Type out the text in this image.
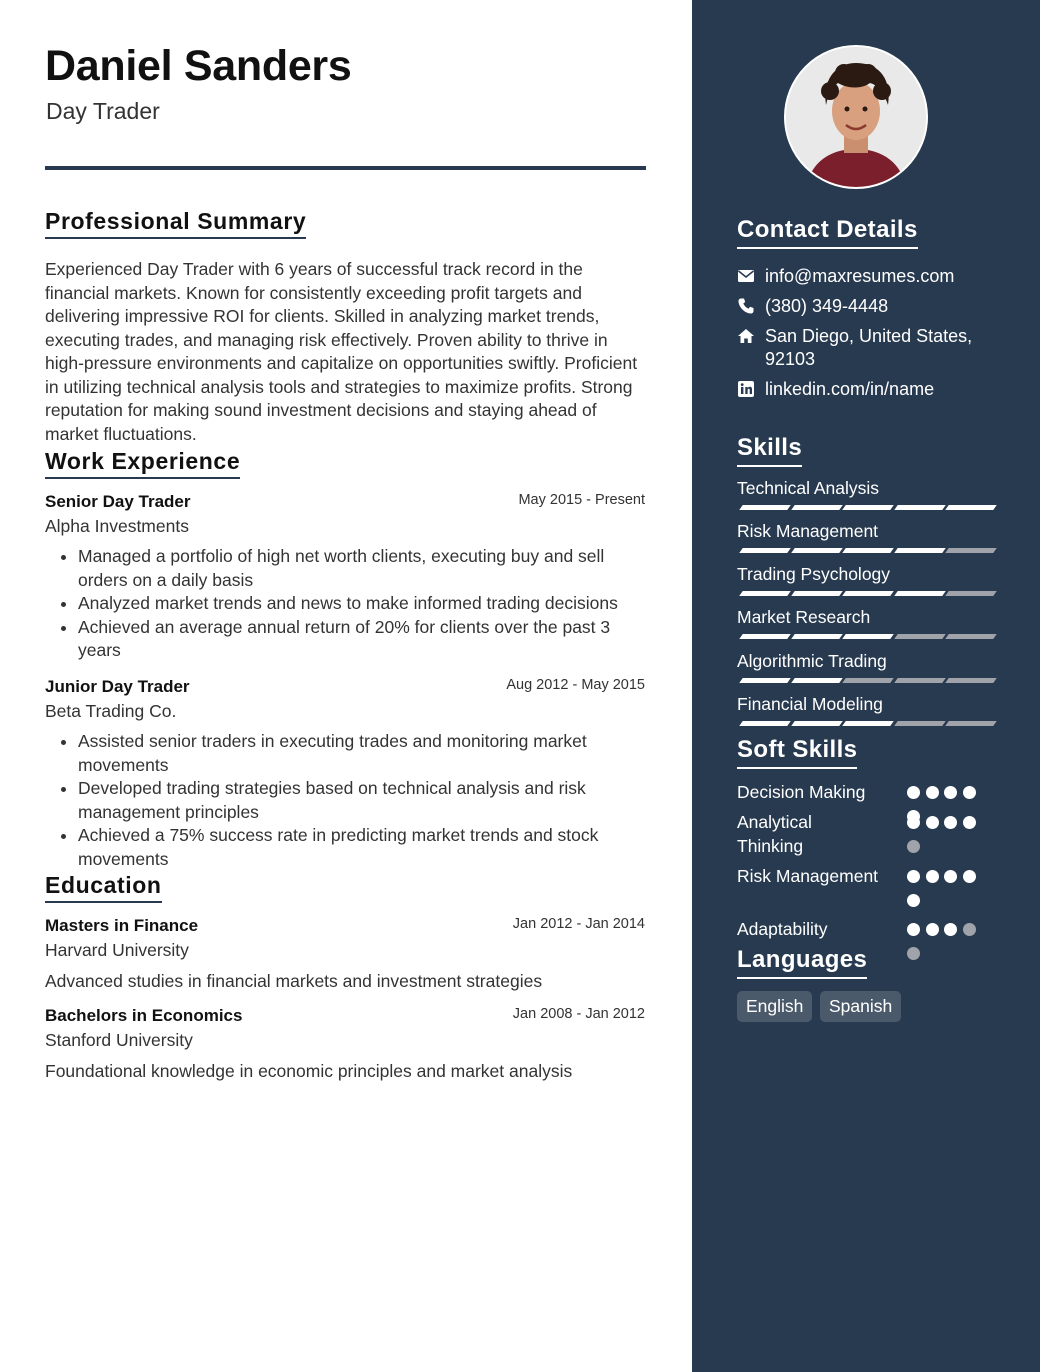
Daniel Sanders
Day Trader
Professional Summary

Experienced Day Trader with 6 years of successful track record in the financial markets. Known for consistently exceeding profit targets and delivering impressive ROI for clients. Skilled in analyzing market trends, executing trades, and managing risk effectively. Proven ability to thrive in high-pressure environments and capitalize on opportunities swiftly. Proficient in utilizing technical analysis tools and strategies to maximize profits. Strong reputation for making sound investment decisions and staying ahead of market fluctuations.

Work Experience
Senior Day Trader	May 2015 - Present
Alpha Investments
• Managed a portfolio of high net worth clients, executing buy and sell orders on a daily basis
• Analyzed market trends and news to make informed trading decisions
• Achieved an average annual return of 20% for clients over the past 3 years
Junior Day Trader	Aug 2012 - May 2015
Beta Trading Co.
• Assisted senior traders in executing trades and monitoring market movements
• Developed trading strategies based on technical analysis and risk management principles
• Achieved a 75% success rate in predicting market trends and stock movements
Education
Masters in Finance	Jan 2012 - Jan 2014
Harvard University
Advanced studies in financial markets and investment strategies
Bachelors in Economics	Jan 2008 - Jan 2012
Stanford University
Foundational knowledge in economic principles and market analysis
Contact Details
info@maxresumes.com
(380) 349-4448
San Diego, United States, 92103
linkedin.com/in/name
Skills
Technical Analysis
Risk Management
Trading Psychology
Market Research
Algorithmic Trading
Financial Modeling
Soft Skills
Decision Making
Analytical Thinking
Risk Management
Adaptability
Languages
English	Spanish
